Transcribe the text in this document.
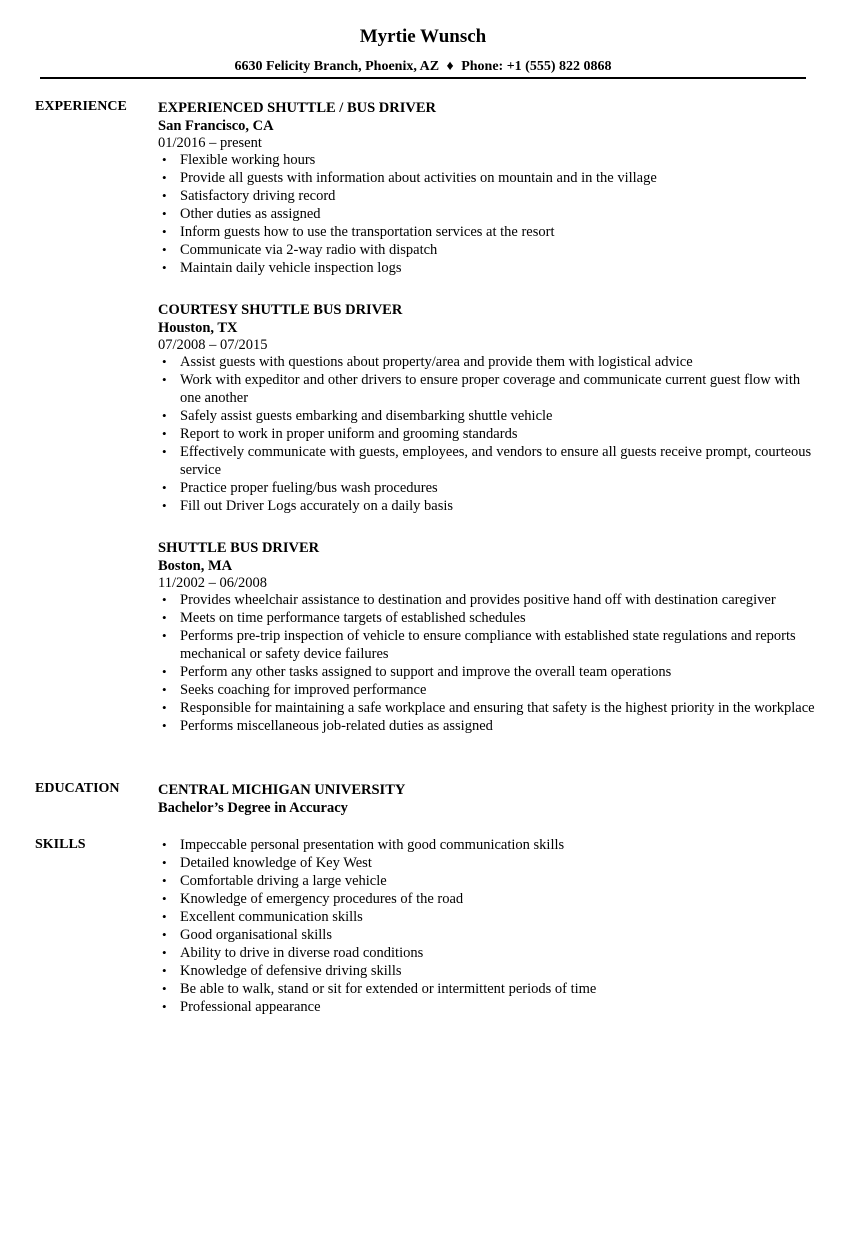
Myrtie Wunsch
6630 Felicity Branch, Phoenix, AZ ♦ Phone: +1 (555) 822 0868
EXPERIENCE EXPERIENCED SHUTTLE / BUS DRIVER
San Francisco, CA
01/2016 – present
• Flexible working hours
• Provide all guests with information about activities on mountain and in the village
• Satisfactory driving record
• Other duties as assigned
• Inform guests how to use the transportation services at the resort
• Communicate via 2-way radio with dispatch
• Maintain daily vehicle inspection logs
COURTESY SHUTTLE BUS DRIVER
Houston, TX
07/2008 – 07/2015
• Assist guests with questions about property/area and provide them with logistical advice
• Work with expeditor and other drivers to ensure proper coverage and communicate current guest flow with one another
• Safely assist guests embarking and disembarking shuttle vehicle
• Report to work in proper uniform and grooming standards
• Effectively communicate with guests, employees, and vendors to ensure all guests receive prompt, courteous service
• Practice proper fueling/bus wash procedures
• Fill out Driver Logs accurately on a daily basis
SHUTTLE BUS DRIVER
Boston, MA
11/2002 – 06/2008
• Provides wheelchair assistance to destination and provides positive hand off with destination caregiver
• Meets on time performance targets of established schedules
• Performs pre-trip inspection of vehicle to ensure compliance with established state regulations and reports mechanical or safety device failures
• Perform any other tasks assigned to support and improve the overall team operations
• Seeks coaching for improved performance
• Responsible for maintaining a safe workplace and ensuring that safety is the highest priority in the workplace
• Performs miscellaneous job-related duties as assigned
EDUCATION	CENTRAL MICHIGAN UNIVERSITY
Bachelor’s Degree in Accuracy
SKILLS
•	Impeccable personal presentation with good communication skills
• Detailed knowledge of Key West
• Comfortable driving a large vehicle
• Knowledge of emergency procedures of the road
• Excellent communication skills
• Good organisational skills
• Ability to drive in diverse road conditions
• Knowledge of defensive driving skills
• Be able to walk, stand or sit for extended or intermittent periods of time
• Professional appearance
